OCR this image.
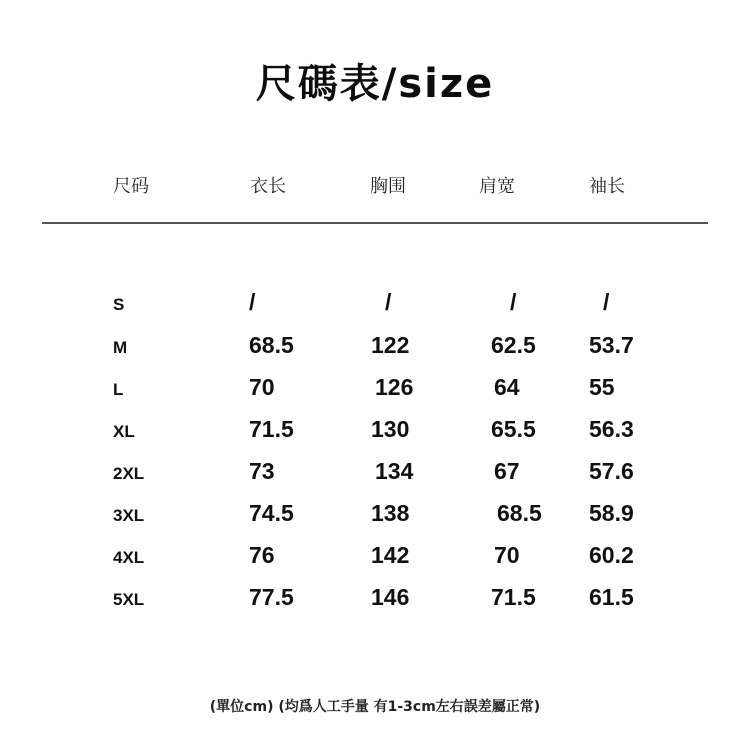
尺碼表/size
尺码	衣长	胸围	肩宽	袖长
S	/	/	/	/
M	68.5	122	62.5 53.7
L	70	126	64	55
XL	71.5	130	65.5 56.3
2XL	73	134	67	57.6
3XL	74.5	138	68.5 58.9
4XL	76	142	70	60.2
5XL	77.5	146	71.5 61.5
(單位cm) (均爲人工手量 有1-3cm左右誤差屬正常)
